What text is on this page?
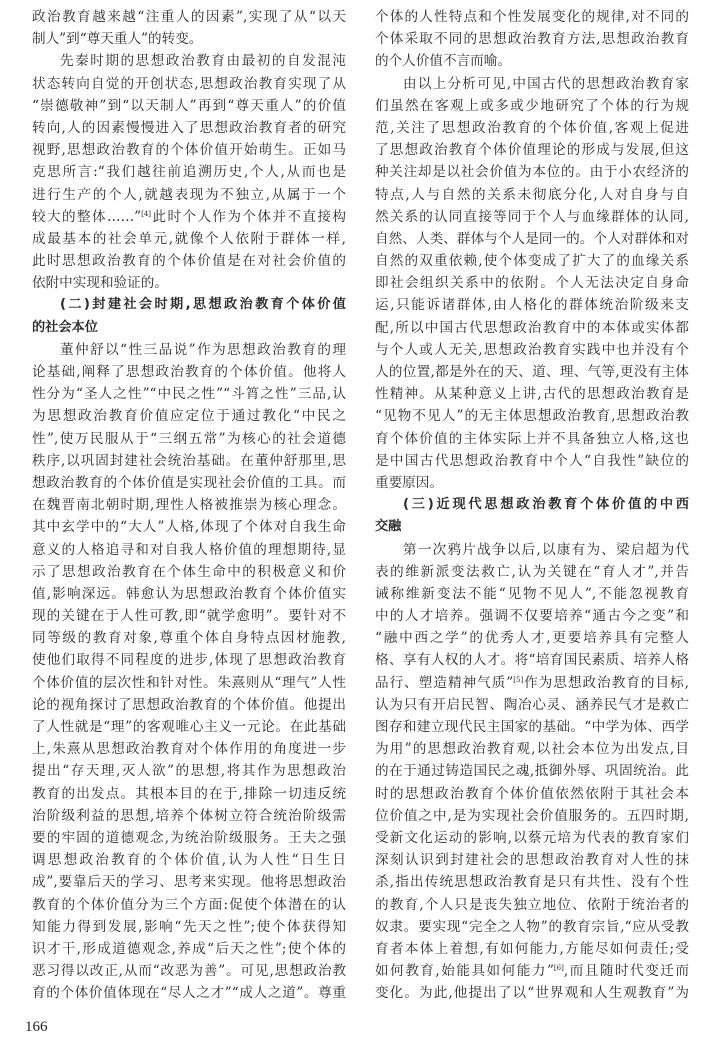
政治教育越来越“注重人的因素”,实现了从“以天
制人”到“尊天重人”的转变。
先秦时期的思想政治教育由最初的自发混沌
状态转向自觉的开创状态,思想政治教育实现了从
“崇德敬神”到“以天制人”再到“尊天重人”的价值
转向,人的因素慢慢进入了思想政治教育者的研究
视野,思想政治教育的个体价值开始萌生。正如马
克思所言:“我们越往前追溯历史,个人,从而也是
进行生产的个人,就越表现为不独立,从属于一个
较大的整体……”[4]此时个人作为个体并不直接构
成最基本的社会单元,就像个人依附于群体一样,
此时思想政治教育的个体价值是在对社会价值的
依附中实现和验证的。
(二)封建社会时期,思想政治教育个体价值
的社会本位
董仲舒以“性三品说”作为思想政治教育的理
论基础,阐释了思想政治教育的个体价值。他将人
性分为“圣人之性”“中民之性”“斗筲之性”三品,认
为思想政治教育价值应定位于通过教化“中民之
性”,使万民服从于“三纲五常”为核心的社会道德
秩序,以巩固封建社会统治基础。在董仲舒那里,思
想政治教育的个体价值是实现社会价值的工具。而
在魏晋南北朝时期,理性人格被推崇为核心理念。
其中玄学中的“大人”人格,体现了个体对自我生命
意义的人格追寻和对自我人格价值的理想期待,显
示了思想政治教育在个体生命中的积极意义和价
值,影响深远。韩愈认为思想政治教育个体价值实
现的关键在于人性可教,即“就学愈明”。要针对不
同等级的教育对象,尊重个体自身特点因材施教,
使他们取得不同程度的进步,体现了思想政治教育
个体价值的层次性和针对性。朱熹则从“理气”人性
论的视角探讨了思想政治教育的个体价值。他提出
了人性就是“理”的客观唯心主义一元论。在此基础
上,朱熹从思想政治教育对个体作用的角度进一步
提出“存天理,灭人欲”的思想,将其作为思想政治
教育的出发点。其根本目的在于,排除一切违反统
治阶级利益的思想,培养个体树立符合统治阶级需
要的牢固的道德观念,为统治阶级服务。王夫之强
调思想政治教育的个体价值,认为人性“日生日
成”,要靠后天的学习、思考来实现。他将思想政治
教育的个体价值分为三个方面:促使个体潜在的认
知能力得到发展,影响“先天之性”;使个体获得知
识才干,形成道德观念,养成“后天之性”;使个体的
恶习得以改正,从而“改恶为善”。可见,思想政治教
育的个体价值体现在“尽人之才”“成人之道”。尊重
个体的人性特点和个性发展变化的规律,对不同的
个体采取不同的思想政治教育方法,思想政治教育
的个人价值不言而喻。
由以上分析可见,中国古代的思想政治教育家
们虽然在客观上或多或少地研究了个体的行为规
范,关注了思想政治教育的个体价值,客观上促进
了思想政治教育个体价值理论的形成与发展,但这
种关注却是以社会价值为本位的。由于小农经济的
特点,人与自然的关系未彻底分化,人对自身与自
然关系的认同直接等同于个人与血缘群体的认同,
自然、人类、群体与个人是同一的。个人对群体和对
自然的双重依赖,使个体变成了扩大了的血缘关系
即社会组织关系中的依附。个人无法决定自身命
运,只能诉诸群体,由人格化的群体统治阶级来支
配,所以中国古代思想政治教育中的本体或实体都
与个人或人无关,思想政治教育实践中也并没有个
人的位置,都是外在的天、道、理、气等,更没有主体
性精神。从某种意义上讲,古代的思想政治教育是
“见物不见人”的无主体思想政治教育,思想政治教
育个体价值的主体实际上并不具备独立人格,这也
是中国古代思想政治教育中个人“自我性”缺位的
重要原因。
(三)近现代思想政治教育个体价值的中西
交融
第一次鸦片战争以后,以康有为、梁启超为代
表的维新派变法救亡,认为关键在“育人才”,并告
诫称维新变法不能“见物不见人”,不能忽视教育
中的人才培养。强调不仅要培养“通古今之变”和
“融中西之学”的优秀人才,更要培养具有完整人
格、享有人权的人才。将“培育国民素质、培养人格
品行、塑造精神气质”[5]作为思想政治教育的目标,
认为只有开启民智、陶冶心灵、涵养民气才是救亡
图存和建立现代民主国家的基础。“中学为体、西学
为用”的思想政治教育观,以社会本位为出发点,目
的在于通过铸造国民之魂,抵御外辱、巩固统治。此
时的思想政治教育个体价值依然依附于其社会本
位价值之中,是为实现社会价值服务的。五四时期,
受新文化运动的影响,以蔡元培为代表的教育家们
深刻认识到封建社会的思想政治教育对人性的抹
杀,指出传统思想政治教育是只有共性、没有个性
的教育,个人只是丧失独立地位、依附于统治者的
奴隶。要实现“完全之人物”的教育宗旨,“应从受教
育者本体上着想,有如何能力,方能尽如何责任;受
如何教育,始能具如何能力”[6],而且随时代变迁而
变化。为此,他提出了以“世界观和人生观教育”为
166
